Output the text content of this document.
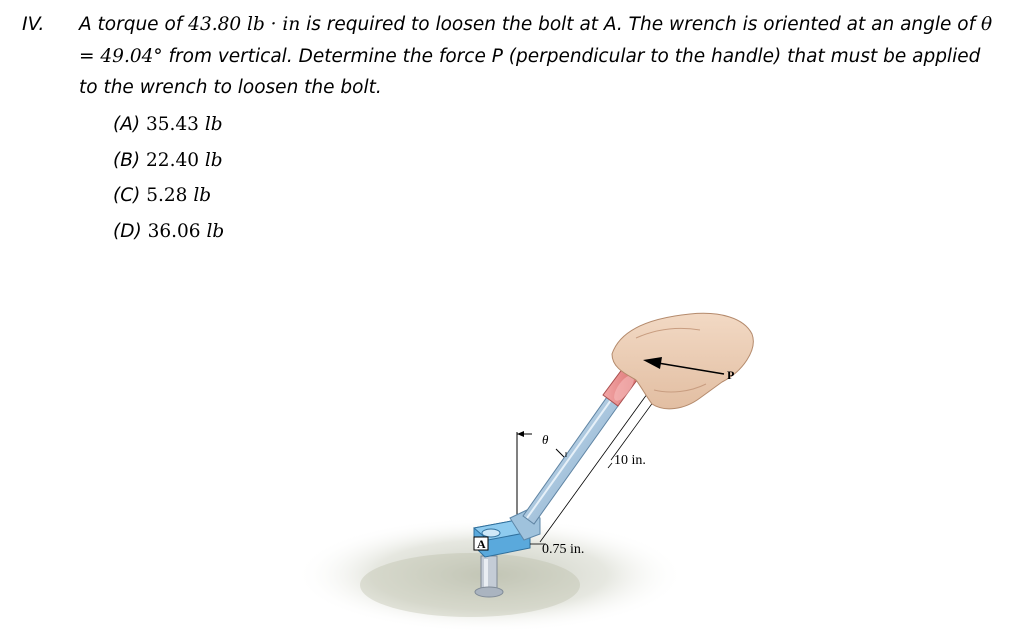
IV. A torque of 43.80 lb · in is required to loosen the bolt at A. The wrench is oriented at an angle of θ = 49.04° from vertical. Determine the force P (perpendicular to the handle) that must be applied to the wrench to loosen the bolt.
(A) 35.43 lb
(B) 22.40 lb
(C) 5.28 lb
(D) 36.06 lb
A
P
θ
10 in.
0.75 in.
